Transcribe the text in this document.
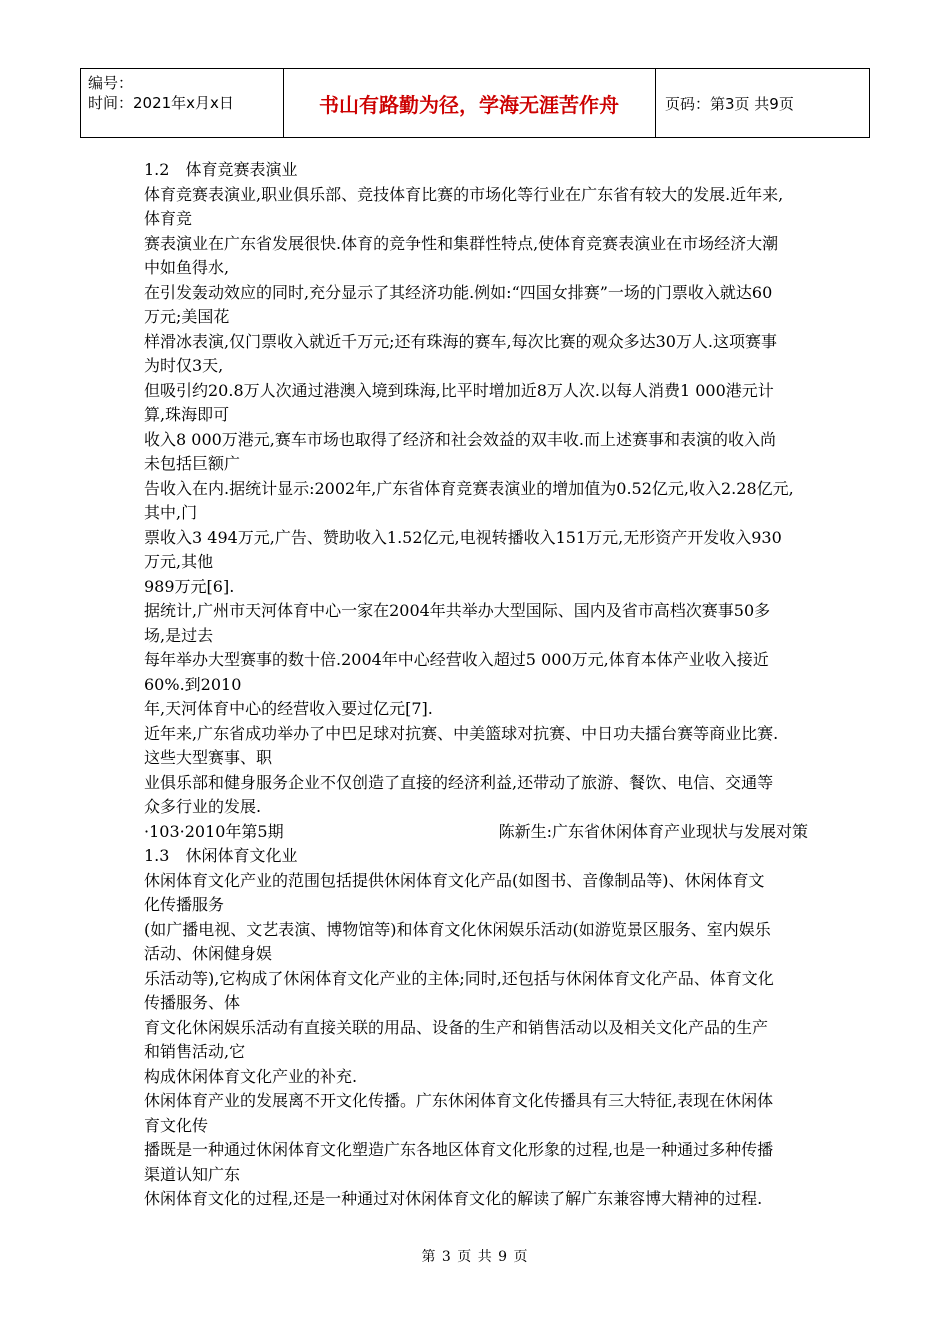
编号：
时间：2021年x月x日	书山有路勤为径，学海无涯苦作舟	页码：第3页 共9页
1.2　体育竞赛表演业
体育竞赛表演业,职业俱乐部、竞技体育比赛的市场化等行业在广东省有较大的发展.近年来,
体育竞
赛表演业在广东省发展很快.体育的竞争性和集群性特点,使体育竞赛表演业在市场经济大潮
中如鱼得水,
在引发轰动效应的同时,充分显示了其经济功能.例如:“四国女排赛”一场的门票收入就达60
万元;美国花
样滑冰表演,仅门票收入就近千万元;还有珠海的赛车,每次比赛的观众多达30万人.这项赛事
为时仅3天,
但吸引约20.8万人次通过港澳入境到珠海,比平时增加近8万人次.以每人消费1 000港元计
算,珠海即可
收入8 000万港元,赛车市场也取得了经济和社会效益的双丰收.而上述赛事和表演的收入尚
未包括巨额广
告收入在内.据统计显示:2002年,广东省体育竞赛表演业的增加值为0.52亿元,收入2.28亿元,
其中,门
票收入3 494万元,广告、赞助收入1.52亿元,电视转播收入151万元,无形资产开发收入930
万元,其他
989万元[6].
据统计,广州市天河体育中心一家在2004年共举办大型国际、国内及省市高档次赛事50多
场,是过去
每年举办大型赛事的数十倍.2004年中心经营收入超过5 000万元,体育本体产业收入接近
60%.到2010
年,天河体育中心的经营收入要过亿元[7].
近年来,广东省成功举办了中巴足球对抗赛、中美篮球对抗赛、中日功夫擂台赛等商业比赛.
这些大型赛事、职
业俱乐部和健身服务企业不仅创造了直接的经济利益,还带动了旅游、餐饮、电信、交通等
众多行业的发展.
·103·2010年第5期	陈新生:广东省休闲体育产业现状与发展对策
1.3　休闲体育文化业
休闲体育文化产业的范围包括提供休闲体育文化产品(如图书、音像制品等)、休闲体育文
化传播服务
(如广播电视、文艺表演、博物馆等)和体育文化休闲娱乐活动(如游览景区服务、室内娱乐
活动、休闲健身娱
乐活动等),它构成了休闲体育文化产业的主体;同时,还包括与休闲体育文化产品、体育文化
传播服务、体
育文化休闲娱乐活动有直接关联的用品、设备的生产和销售活动以及相关文化产品的生产
和销售活动,它
构成休闲体育文化产业的补充.
休闲体育产业的发展离不开文化传播。广东休闲体育文化传播具有三大特征,表现在休闲体
育文化传
播既是一种通过休闲体育文化塑造广东各地区体育文化形象的过程,也是一种通过多种传播
渠道认知广东
休闲体育文化的过程,还是一种通过对休闲体育文化的解读了解广东兼容博大精神的过程.
第 3 页 共 9 页
